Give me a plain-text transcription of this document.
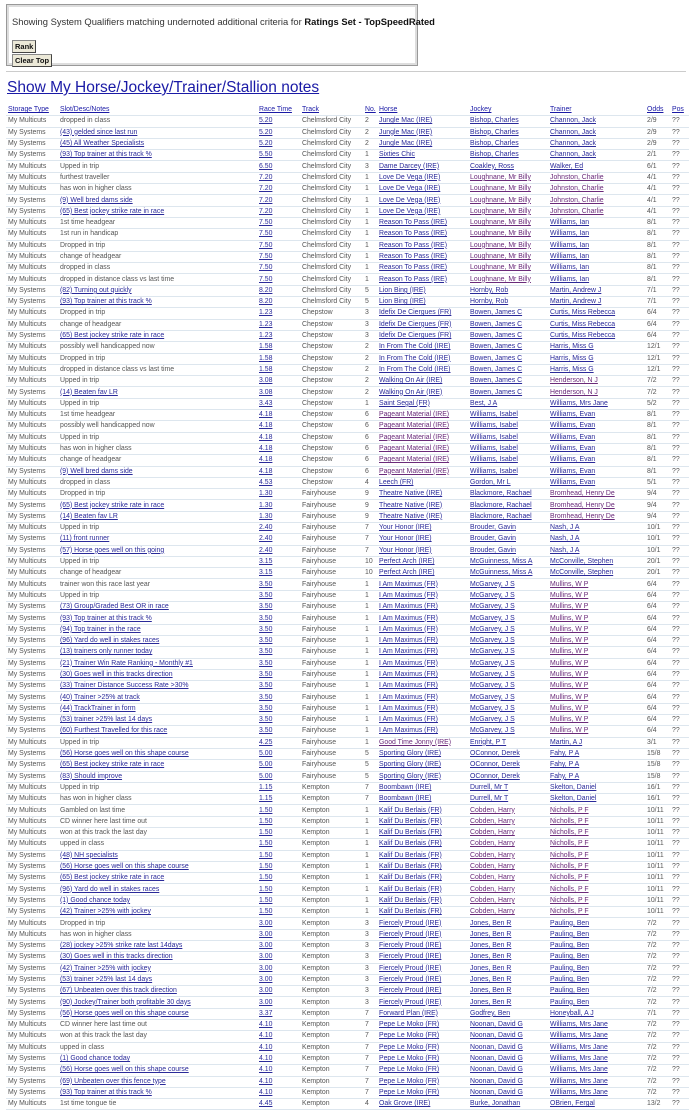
Showing System Qualifiers matching undernoted additional criteria for Ratings Set - TopSpeedRated
Rank
Clear Top
Show My Horse/Jockey/Trainer/Stallion notes
Storage Type	Slot/Desc/Notes	Race Time	Track	No.	Horse	Jockey	Trainer	Odds	Pos
My Multicuts	dropped in class	5.20	Chelmsford City	2	Jungle Mac (IRE)	Bishop, Charles	Channon, Jack	2/9	??
My Systems	(43) gelded since last run	5.20	Chelmsford City	2	Jungle Mac (IRE)	Bishop, Charles	Channon, Jack	2/9	??
My Systems	(45) All Weather Specialists	5.20	Chelmsford City	2	Jungle Mac (IRE)	Bishop, Charles	Channon, Jack	2/9	??
My Systems	(93) Top trainer at this track %	5.50	Chelmsford City	1	Sixties Chic	Bishop, Charles	Channon, Jack	2/1	??
My Multicuts	Upped in trip	6.50	Chelmsford City	3	Dame Darcey (IRE)	Coakley, Ross	Walker, Ed	6/1	??
My Multicuts	furthest traveller	7.20	Chelmsford City	1	Love De Vega (IRE)	Loughnane, Mr Billy	Johnston, Charlie	4/1	??
My Multicuts	has won in higher class	7.20	Chelmsford City	1	Love De Vega (IRE)	Loughnane, Mr Billy	Johnston, Charlie	4/1	??
My Systems	(9) Well bred dams side	7.20	Chelmsford City	1	Love De Vega (IRE)	Loughnane, Mr Billy	Johnston, Charlie	4/1	??
My Systems	(65) Best jockey strike rate in race	7.20	Chelmsford City	1	Love De Vega (IRE)	Loughnane, Mr Billy	Johnston, Charlie	4/1	??
My Multicuts	1st time headgear	7.50	Chelmsford City	1	Reason To Pass (IRE)	Loughnane, Mr Billy	Williams, Ian	8/1	??
My Multicuts	1st run in handicap	7.50	Chelmsford City	1	Reason To Pass (IRE)	Loughnane, Mr Billy	Williams, Ian	8/1	??
My Multicuts	Dropped in trip	7.50	Chelmsford City	1	Reason To Pass (IRE)	Loughnane, Mr Billy	Williams, Ian	8/1	??
My Multicuts	change of headgear	7.50	Chelmsford City	1	Reason To Pass (IRE)	Loughnane, Mr Billy	Williams, Ian	8/1	??
My Multicuts	dropped in class	7.50	Chelmsford City	1	Reason To Pass (IRE)	Loughnane, Mr Billy	Williams, Ian	8/1	??
My Multicuts	dropped in distance class vs last time	7.50	Chelmsford City	1	Reason To Pass (IRE)	Loughnane, Mr Billy	Williams, Ian	8/1	??
My Systems	(82) Turning out quickly	8.20	Chelmsford City	5	Lion Bing (IRE)	Hornby, Rob	Martin, Andrew J	7/1	??
My Systems	(93) Top trainer at this track %	8.20	Chelmsford City	5	Lion Bing (IRE)	Hornby, Rob	Martin, Andrew J	7/1	??
My Multicuts	Dropped in trip	1.23	Chepstow	3	Idefix De Ciergues (FR)	Bowen, James C	Curtis, Miss Rebecca	6/4	??
My Multicuts	change of headgear	1.23	Chepstow	3	Idefix De Ciergues (FR)	Bowen, James C	Curtis, Miss Rebecca	6/4	??
My Systems	(65) Best jockey strike rate in race	1.23	Chepstow	3	Idefix De Ciergues (FR)	Bowen, James C	Curtis, Miss Rebecca	6/4	??
My Multicuts	possibly well handicapped now	1.58	Chepstow	2	In From The Cold (IRE)	Bowen, James C	Harris, Miss G	12/1	??
My Multicuts	Dropped in trip	1.58	Chepstow	2	In From The Cold (IRE)	Bowen, James C	Harris, Miss G	12/1	??
My Multicuts	dropped in distance class vs last time	1.58	Chepstow	2	In From The Cold (IRE)	Bowen, James C	Harris, Miss G	12/1	??
My Multicuts	Upped in trip	3.08	Chepstow	2	Walking On Air (IRE)	Bowen, James C	Henderson, N J	7/2	??
My Systems	(14) Beaten fav LR	3.08	Chepstow	2	Walking On Air (IRE)	Bowen, James C	Henderson, N J	7/2	??
My Multicuts	Upped in trip	3.43	Chepstow	1	Saint Segal (FR)	Best, J A	Williams, Mrs Jane	5/2	??
My Multicuts	1st time headgear	4.18	Chepstow	6	Pageant Material (IRE)	Williams, Isabel	Williams, Evan	8/1	??
My Multicuts	possibly well handicapped now	4.18	Chepstow	6	Pageant Material (IRE)	Williams, Isabel	Williams, Evan	8/1	??
My Multicuts	Upped in trip	4.18	Chepstow	6	Pageant Material (IRE)	Williams, Isabel	Williams, Evan	8/1	??
My Multicuts	has won in higher class	4.18	Chepstow	6	Pageant Material (IRE)	Williams, Isabel	Williams, Evan	8/1	??
My Multicuts	change of headgear	4.18	Chepstow	6	Pageant Material (IRE)	Williams, Isabel	Williams, Evan	8/1	??
My Systems	(9) Well bred dams side	4.18	Chepstow	6	Pageant Material (IRE)	Williams, Isabel	Williams, Evan	8/1	??
My Multicuts	dropped in class	4.53	Chepstow	4	Leech (FR)	Gordon, Mr L	Williams, Evan	5/1	??
My Multicuts	Dropped in trip	1.30	Fairyhouse	9	Theatre Native (IRE)	Blackmore, Rachael	Bromhead, Henry De	9/4	??
My Systems	(65) Best jockey strike rate in race	1.30	Fairyhouse	9	Theatre Native (IRE)	Blackmore, Rachael	Bromhead, Henry De	9/4	??
My Systems	(14) Beaten fav LR	1.30	Fairyhouse	9	Theatre Native (IRE)	Blackmore, Rachael	Bromhead, Henry De	9/4	??
My Multicuts	Upped in trip	2.40	Fairyhouse	7	Your Honor (IRE)	Brouder, Gavin	Nash, J A	10/1	??
My Systems	(11) front runner	2.40	Fairyhouse	7	Your Honor (IRE)	Brouder, Gavin	Nash, J A	10/1	??
My Systems	(57) Horse goes well on this going	2.40	Fairyhouse	7	Your Honor (IRE)	Brouder, Gavin	Nash, J A	10/1	??
My Multicuts	Upped in trip	3.15	Fairyhouse	10	Perfect Arch (IRE)	McGuinness, Miss A	McConville, Stephen	20/1	??
My Multicuts	change of headgear	3.15	Fairyhouse	10	Perfect Arch (IRE)	McGuinness, Miss A	McConville, Stephen	20/1	??
My Multicuts	trainer won this race last year	3.50	Fairyhouse	1	I Am Maximus (FR)	McGarvey, J S	Mullins, W P	6/4	??
My Multicuts	Upped in trip	3.50	Fairyhouse	1	I Am Maximus (FR)	McGarvey, J S	Mullins, W P	6/4	??
My Systems	(73) Group/Graded Best OR in race	3.50	Fairyhouse	1	I Am Maximus (FR)	McGarvey, J S	Mullins, W P	6/4	??
My Systems	(93) Top trainer at this track %	3.50	Fairyhouse	1	I Am Maximus (FR)	McGarvey, J S	Mullins, W P	6/4	??
My Systems	(94) Top trainer in the race	3.50	Fairyhouse	1	I Am Maximus (FR)	McGarvey, J S	Mullins, W P	6/4	??
My Systems	(96) Yard do well in stakes races	3.50	Fairyhouse	1	I Am Maximus (FR)	McGarvey, J S	Mullins, W P	6/4	??
My Systems	(13) trainers only runner today	3.50	Fairyhouse	1	I Am Maximus (FR)	McGarvey, J S	Mullins, W P	6/4	??
My Systems	(21) Trainer Win Rate Ranking - Monthly #1	3.50	Fairyhouse	1	I Am Maximus (FR)	McGarvey, J S	Mullins, W P	6/4	??
My Systems	(30) Goes well in this tracks direction	3.50	Fairyhouse	1	I Am Maximus (FR)	McGarvey, J S	Mullins, W P	6/4	??
My Systems	(33) Trainer Distance Success Rate >30%	3.50	Fairyhouse	1	I Am Maximus (FR)	McGarvey, J S	Mullins, W P	6/4	??
My Systems	(40) Trainer >25% at track	3.50	Fairyhouse	1	I Am Maximus (FR)	McGarvey, J S	Mullins, W P	6/4	??
My Systems	(44) TrackTrainer in form	3.50	Fairyhouse	1	I Am Maximus (FR)	McGarvey, J S	Mullins, W P	6/4	??
My Systems	(53) trainer >25% last 14 days	3.50	Fairyhouse	1	I Am Maximus (FR)	McGarvey, J S	Mullins, W P	6/4	??
My Systems	(60) Furthest Travelled for this race	3.50	Fairyhouse	1	I Am Maximus (FR)	McGarvey, J S	Mullins, W P	6/4	??
My Multicuts	Upped in trip	4.25	Fairyhouse	1	Good Time Jonny (IRE)	Enright, P T	Martin, A J	3/1	??
My Systems	(56) Horse goes well on this shape course	5.00	Fairyhouse	5	Sporting Glory (IRE)	OConnor, Derek	Fahy, P A	15/8	??
My Systems	(65) Best jockey strike rate in race	5.00	Fairyhouse	5	Sporting Glory (IRE)	OConnor, Derek	Fahy, P A	15/8	??
My Systems	(83) Should improve	5.00	Fairyhouse	5	Sporting Glory (IRE)	OConnor, Derek	Fahy, P A	15/8	??
My Multicuts	Upped in trip	1.15	Kempton	7	Boombawn (IRE)	Durrell, Mr T	Skelton, Daniel	16/1	??
My Multicuts	has won in higher class	1.15	Kempton	7	Boombawn (IRE)	Durrell, Mr T	Skelton, Daniel	16/1	??
My Multicuts	Gambled on last time	1.50	Kempton	1	Kalif Du Berlais (FR)	Cobden, Harry	Nicholls, P F	10/11	??
My Multicuts	CD winner here last time out	1.50	Kempton	1	Kalif Du Berlais (FR)	Cobden, Harry	Nicholls, P F	10/11	??
My Multicuts	won at this track the last day	1.50	Kempton	1	Kalif Du Berlais (FR)	Cobden, Harry	Nicholls, P F	10/11	??
My Multicuts	upped in class	1.50	Kempton	1	Kalif Du Berlais (FR)	Cobden, Harry	Nicholls, P F	10/11	??
My Systems	(48) NH specialists	1.50	Kempton	1	Kalif Du Berlais (FR)	Cobden, Harry	Nicholls, P F	10/11	??
My Systems	(56) Horse goes well on this shape course	1.50	Kempton	1	Kalif Du Berlais (FR)	Cobden, Harry	Nicholls, P F	10/11	??
My Systems	(65) Best jockey strike rate in race	1.50	Kempton	1	Kalif Du Berlais (FR)	Cobden, Harry	Nicholls, P F	10/11	??
My Systems	(96) Yard do well in stakes races	1.50	Kempton	1	Kalif Du Berlais (FR)	Cobden, Harry	Nicholls, P F	10/11	??
My Systems	(1) Good chance today	1.50	Kempton	1	Kalif Du Berlais (FR)	Cobden, Harry	Nicholls, P F	10/11	??
My Systems	(42) Trainer >25% with jockey	1.50	Kempton	1	Kalif Du Berlais (FR)	Cobden, Harry	Nicholls, P F	10/11	??
My Multicuts	Dropped in trip	3.00	Kempton	3	Fiercely Proud (IRE)	Jones, Ben R	Pauling, Ben	7/2	??
My Multicuts	has won in higher class	3.00	Kempton	3	Fiercely Proud (IRE)	Jones, Ben R	Pauling, Ben	7/2	??
My Systems	(28) jockey >25% strike rate last 14days	3.00	Kempton	3	Fiercely Proud (IRE)	Jones, Ben R	Pauling, Ben	7/2	??
My Systems	(30) Goes well in this tracks direction	3.00	Kempton	3	Fiercely Proud (IRE)	Jones, Ben R	Pauling, Ben	7/2	??
My Systems	(42) Trainer >25% with jockey	3.00	Kempton	3	Fiercely Proud (IRE)	Jones, Ben R	Pauling, Ben	7/2	??
My Systems	(53) trainer >25% last 14 days	3.00	Kempton	3	Fiercely Proud (IRE)	Jones, Ben R	Pauling, Ben	7/2	??
My Systems	(67) Unbeaten over this track direction	3.00	Kempton	3	Fiercely Proud (IRE)	Jones, Ben R	Pauling, Ben	7/2	??
My Systems	(90) Jockey/Trainer both profitable 30 days	3.00	Kempton	3	Fiercely Proud (IRE)	Jones, Ben R	Pauling, Ben	7/2	??
My Systems	(56) Horse goes well on this shape course	3.37	Kempton	7	Forward Plan (IRE)	Godfrey, Ben	Honeyball, A J	7/1	??
My Multicuts	CD winner here last time out	4.10	Kempton	7	Pepe Le Moko (FR)	Noonan, David G	Williams, Mrs Jane	7/2	??
My Multicuts	won at this track the last day	4.10	Kempton	7	Pepe Le Moko (FR)	Noonan, David G	Williams, Mrs Jane	7/2	??
My Multicuts	upped in class	4.10	Kempton	7	Pepe Le Moko (FR)	Noonan, David G	Williams, Mrs Jane	7/2	??
My Systems	(1) Good chance today	4.10	Kempton	7	Pepe Le Moko (FR)	Noonan, David G	Williams, Mrs Jane	7/2	??
My Systems	(56) Horse goes well on this shape course	4.10	Kempton	7	Pepe Le Moko (FR)	Noonan, David G	Williams, Mrs Jane	7/2	??
My Systems	(69) Unbeaten over this fence type	4.10	Kempton	7	Pepe Le Moko (FR)	Noonan, David G	Williams, Mrs Jane	7/2	??
My Systems	(93) Top trainer at this track %	4.10	Kempton	7	Pepe Le Moko (FR)	Noonan, David G	Williams, Mrs Jane	7/2	??
My Multicuts	1st time tongue tie	4.45	Kempton	4	Oak Grove (IRE)	Burke, Jonathan	OBrien, Fergal	13/2	??
